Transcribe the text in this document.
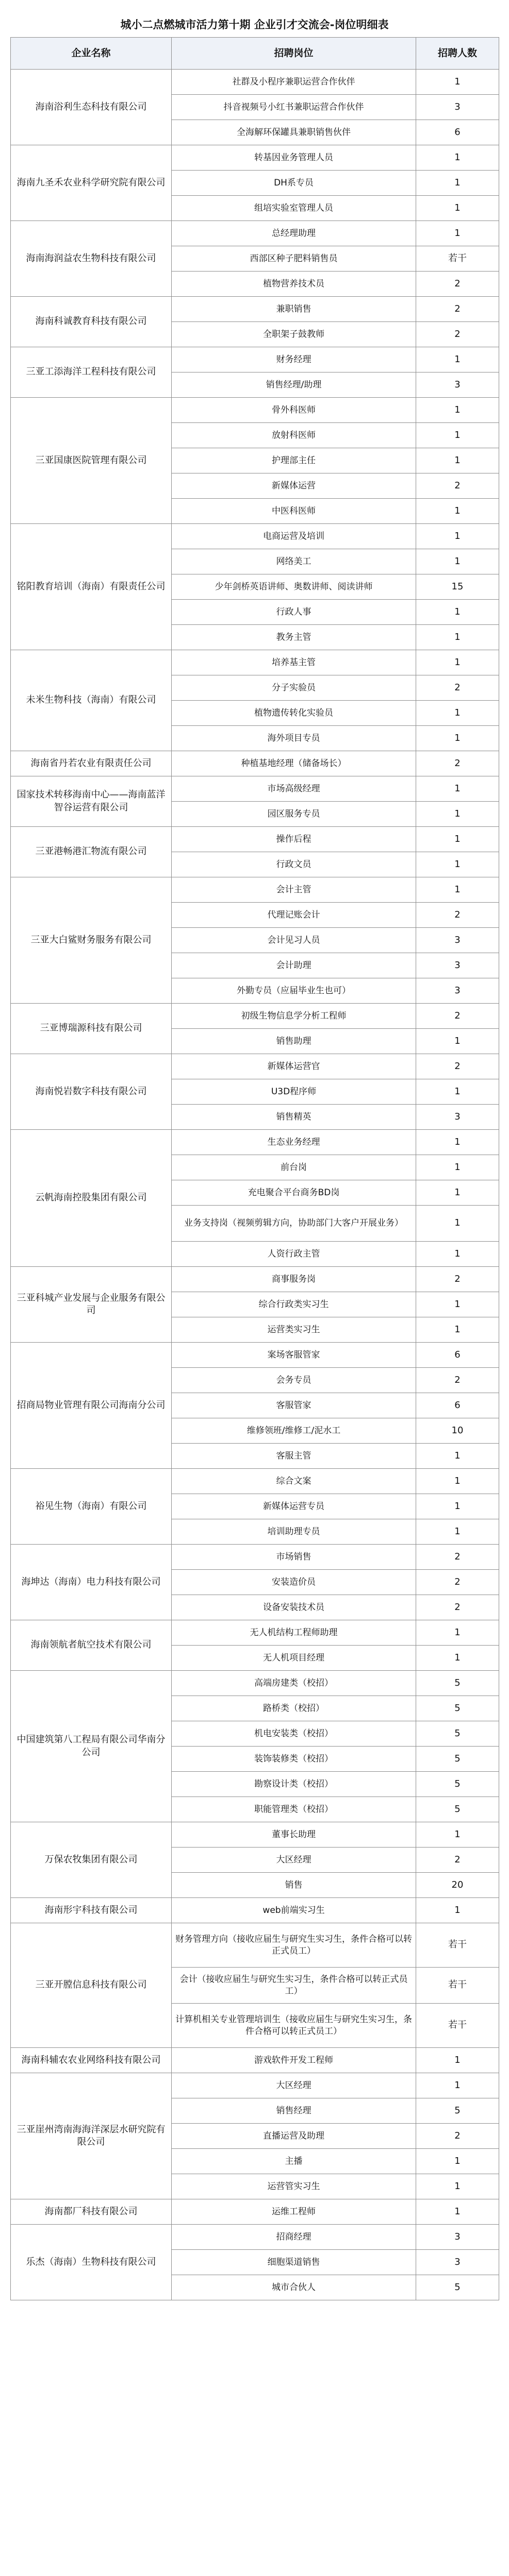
城小二点燃城市活力第十期 企业引才交流会-岗位明细表
企业名称	招聘岗位	招聘人数
海南浴利生态科技有限公司	社群及小程序兼职运营合作伙伴	1
	抖音视频号小红书兼职运营合作伙伴	3
	全海解环保罐具兼职销售伙伴	6
海南九圣禾农业科学研究院有限公司	转基因业务管理人员	1
	DH系专员	1
	组培实验室管理人员	1
海南海润益农生物科技有限公司	总经理助理	1
	西部区种子肥料销售员	若干
	植物营养技术员	2
海南科诚教育科技有限公司	兼职销售	2
	全职架子鼓教师	2
三亚工添海洋工程科技有限公司	财务经理	1
	销售经理/助理	3
三亚国康医院管理有限公司	骨外科医师	1
	放射科医师	1
	护理部主任	1
	新媒体运营	2
	中医科医师	1
铭阳教育培训（海南）有限责任公司	电商运营及培训	1
	网络美工	1
	少年剑桥英语讲师、奥数讲师、阅读讲师	15
	行政人事	1
	教务主管	1
未米生物科技（海南）有限公司	培养基主管	1
	分子实验员	2
	植物遗传转化实验员	1
	海外项目专员	1
海南省丹若农业有限责任公司	种植基地经理（储备场长）	2
国家技术转移海南中心——海南蓝洋智谷运营有限公司	市场高级经理	1
	园区服务专员	1
三亚港畅港汇物流有限公司	操作后程	1
	行政文员	1
三亚大白鲨财务服务有限公司	会计主管	1
	代理记账会计	2
	会计见习人员	3
	会计助理	3
	外勤专员（应届毕业生也可）	3
三亚博瑞源科技有限公司	初级生物信息学分析工程师	2
	销售助理	1
海南悦岩数字科技有限公司	新媒体运营官	2
	U3D程序师	1
	销售精英	3
云帆海南控股集团有限公司	生态业务经理	1
	前台岗	1
	充电聚合平台商务BD岗	1
	业务支持岗（视频剪辑方向，协助部门大客户开展业务）	1
	人资行政主管	1
三亚科城产业发展与企业服务有限公司	商事服务岗	2
	综合行政类实习生	1
	运营类实习生	1
招商局物业管理有限公司海南分公司	案场客服管家	6
	会务专员	2
	客服管家	6
	维修领班/维修工/泥水工	10
	客服主管	1
裕见生物（海南）有限公司	综合文案	1
	新媒体运营专员	1
	培训助理专员	1
海坤达（海南）电力科技有限公司	市场销售	2
	安装造价员	2
	设备安装技术员	2
海南领航者航空技术有限公司	无人机结构工程师助理	1
	无人机项目经理	1
中国建筑第八工程局有限公司华南分公司	高端房建类（校招）	5
	路桥类（校招）	5
	机电安装类（校招）	5
	装饰装修类（校招）	5
	勘察设计类（校招）	5
	职能管理类（校招）	5
万保农牧集团有限公司	董事长助理	1
	大区经理	2
	销售	20
海南形宇科技有限公司	web前端实习生	1
三亚开膛信息科技有限公司	财务管理方向（接收应届生与研究生实习生，条件合格可以转正式员工）	若干
	会计（接收应届生与研究生实习生，条件合格可以转正式员工）	若干
	计算机相关专业管理培训生（接收应届生与研究生实习生，条件合格可以转正式员工）	若干
海南科辅农农业网络科技有限公司	游戏软件开发工程师	1
三亚崖州湾南海海洋深层水研究院有限公司	大区经理	1
	销售经理	5
	直播运营及助理	2
	主播	1
	运营管实习生	1
海南都厂科技有限公司	运维工程师	1
乐杰（海南）生物科技有限公司	招商经理	3
	细胞渠道销售	3
	城市合伙人	5
